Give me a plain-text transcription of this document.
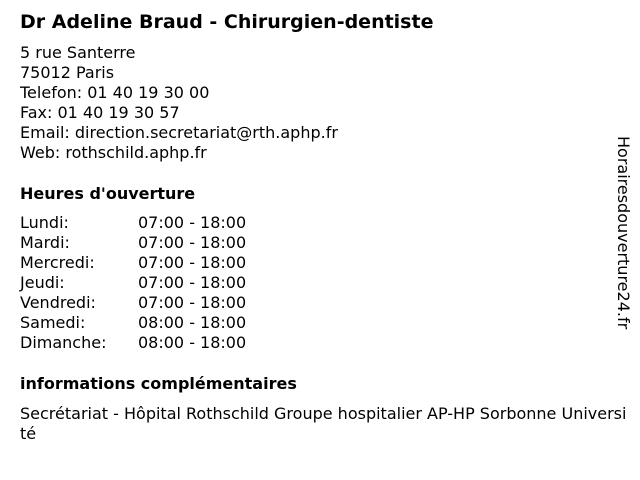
Dr Adeline Braud - Chirurgien-dentiste
5 rue Santerre
75012 Paris
Telefon: 01 40 19 30 00
Fax: 01 40 19 30 57
Email: direction.secretariat@rth.aphp.fr
Web: rothschild.aphp.fr
Heures d'ouverture
Lundi:	07:00 - 18:00
Mardi:	07:00 - 18:00
Mercredi:	07:00 - 18:00
Jeudi:	07:00 - 18:00
Vendredi:	07:00 - 18:00
Samedi:	08:00 - 18:00
Dimanche: 08:00 - 18:00
informations complémentaires
Secrétariat - Hôpital Rothschild Groupe hospitalier AP-HP Sorbonne Université
Horairesdouverture24.fr
